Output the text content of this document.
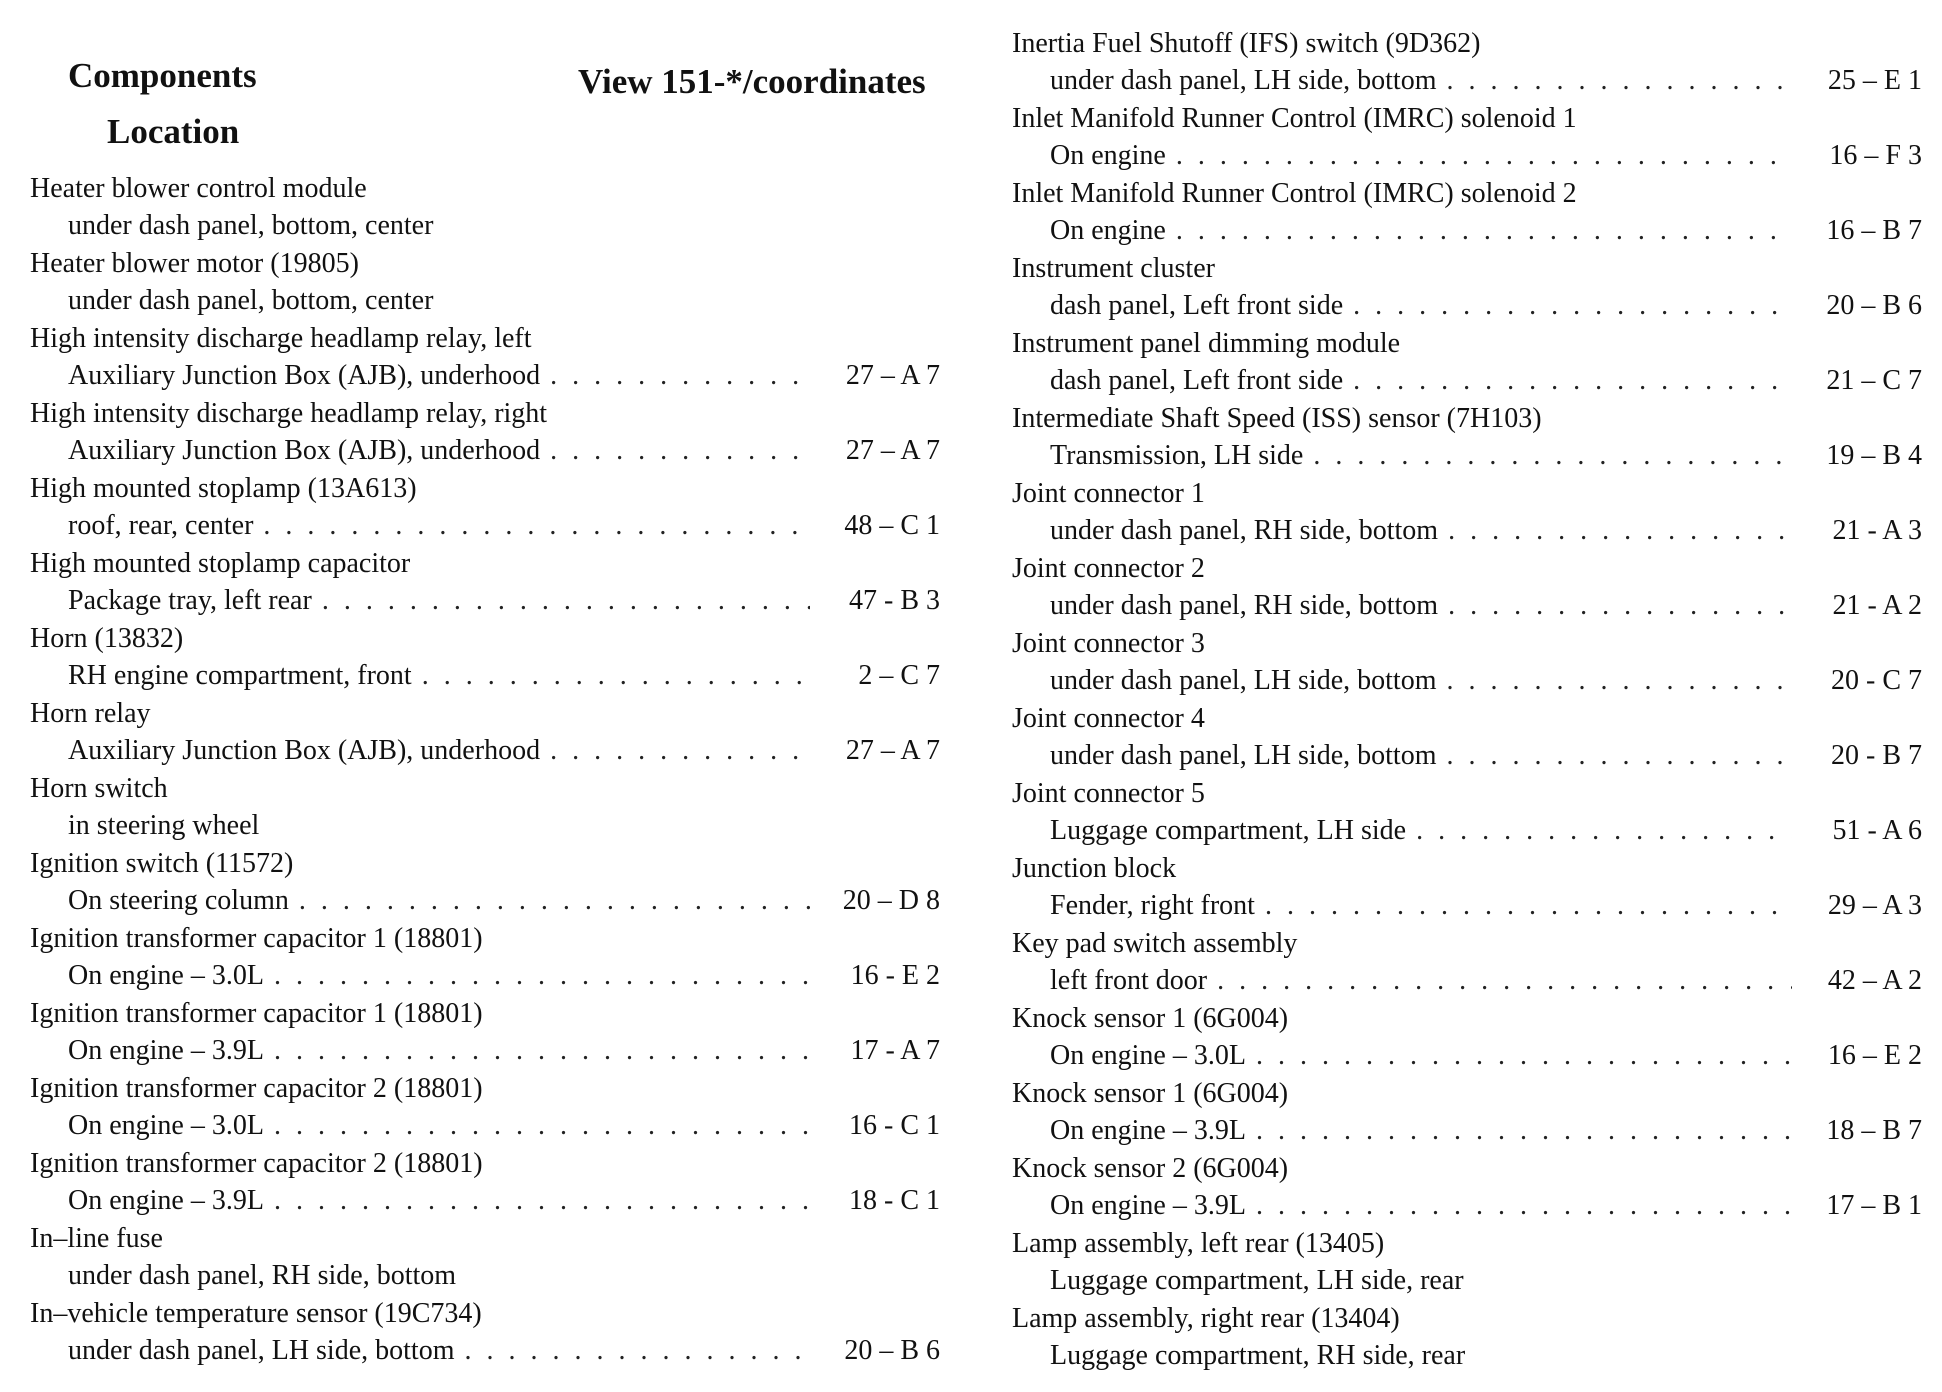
Components
Location
View 151-*/coordinates
Heater blower control module
under dash panel, bottom, center
Heater blower motor (19805)
under dash panel, bottom, center
High intensity discharge headlamp relay, left
Auxiliary Junction Box (AJB), underhood . . .	27 – A 7
High intensity discharge headlamp relay, right
Auxiliary Junction Box (AJB), underhood . . .	27 – A 7
High mounted stoplamp (13A613)
roof, rear, center . . .	48 – C 1
High mounted stoplamp capacitor
Package tray, left rear . . .	47 - B 3
Horn (13832)
RH engine compartment, front . . .	2 – C 7
Horn relay
Auxiliary Junction Box (AJB), underhood . . .	27 – A 7
Horn switch
in steering wheel
Ignition switch (11572)
On steering column . . .	20 – D 8
Ignition transformer capacitor 1 (18801)
On engine – 3.0L . . .	16 - E 2
Ignition transformer capacitor 1 (18801)
On engine – 3.9L . . .	17 - A 7
Ignition transformer capacitor 2 (18801)
On engine – 3.0L . . .	16 - C 1
Ignition transformer capacitor 2 (18801)
On engine – 3.9L . . .	18 - C 1
In–line fuse
under dash panel, RH side, bottom
In–vehicle temperature sensor (19C734)
under dash panel, LH side, bottom . . .	20 – B 6
Inertia Fuel Shutoff (IFS) switch (9D362)
under dash panel, LH side, bottom . . .	25 – E 1
Inlet Manifold Runner Control (IMRC) solenoid 1
On engine . . .	16 – F 3
Inlet Manifold Runner Control (IMRC) solenoid 2
On engine . . .	16 – B 7
Instrument cluster
dash panel, Left front side . . .	20 – B 6
Instrument panel dimming module
dash panel, Left front side . . .	21 – C 7
Intermediate Shaft Speed (ISS) sensor (7H103)
Transmission, LH side . . .	19 – B 4
Joint connector 1
under dash panel, RH side, bottom . . .	21 - A 3
Joint connector 2
under dash panel, RH side, bottom . . .	21 - A 2
Joint connector 3
under dash panel, LH side, bottom . . .	20 - C 7
Joint connector 4
under dash panel, LH side, bottom . . .	20 - B 7
Joint connector 5
Luggage compartment, LH side . . .	51 - A 6
Junction block
Fender, right front . . .	29 – A 3
Key pad switch assembly
left front door . . .	42 – A 2
Knock sensor 1 (6G004)
On engine – 3.0L . . .	16 – E 2
Knock sensor 1 (6G004)
On engine – 3.9L . . .	18 – B 7
Knock sensor 2 (6G004)
On engine – 3.9L . . .	17 – B 1
Lamp assembly, left rear (13405)
Luggage compartment, LH side, rear
Lamp assembly, right rear (13404)
Luggage compartment, RH side, rear
